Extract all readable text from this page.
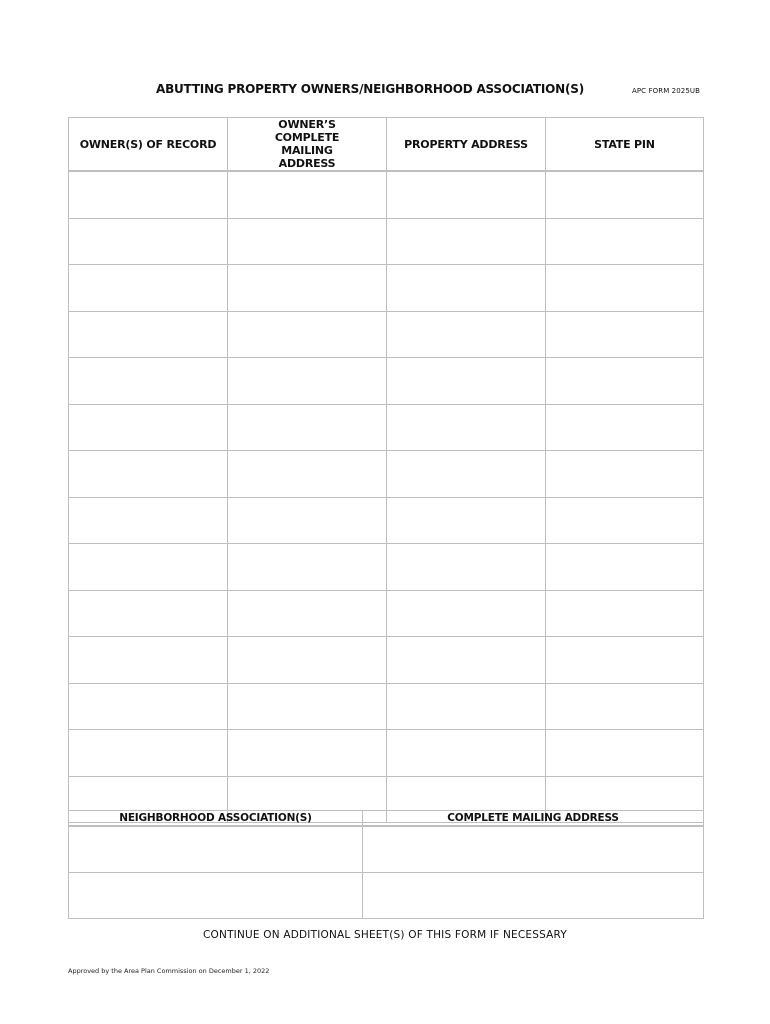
ABUTTING PROPERTY OWNERS/NEIGHBORHOOD ASSOCIATION(S)	APC FORM 2025UB
OWNER(S) OF RECORD	OWNER’S COMPLETE MAILING ADDRESS	PROPERTY ADDRESS	STATE PIN

NEIGHBORHOOD ASSOCIATION(S)	COMPLETE MAILING ADDRESS

CONTINUE ON ADDITIONAL SHEET(S) OF THIS FORM IF NECESSARY
Approved by the Area Plan Commission on December 1, 2022
